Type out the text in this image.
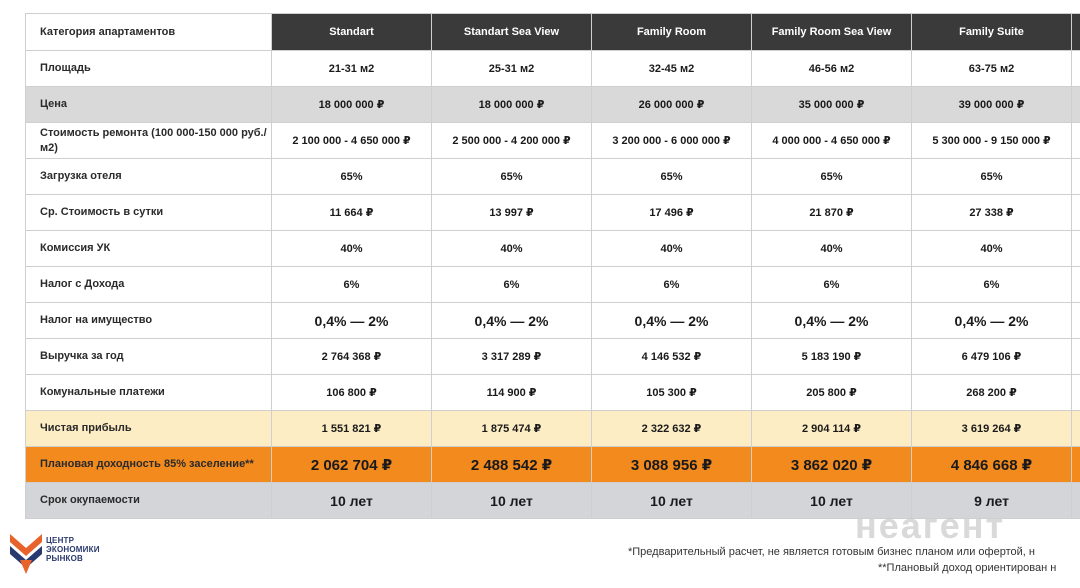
Категория апартаментов	Standart	Standart Sea View	Family Room	Family Room Sea View	Family Suite	
Площадь	21-31 м2	25-31 м2	32-45 м2	46-56 м2	63-75 м2	
Цена	18 000 000 ₽	18 000 000 ₽	26 000 000 ₽	35 000 000 ₽	39 000 000 ₽	
Стоимость ремонта (100 000-150 000 руб./м2)	2 100 000 - 4 650 000 ₽	2 500 000 - 4 200 000 ₽	3 200 000 - 6 000 000 ₽	4 000 000 - 4 650 000 ₽	5 300 000 - 9 150 000 ₽	
Загрузка отеля	65%	65%	65%	65%	65%	
Ср. Стоимость в сутки	11 664 ₽	13 997 ₽	17 496 ₽	21 870 ₽	27 338 ₽	
Комиссия УК	40%	40%	40%	40%	40%	
Налог с Дохода	6%	6%	6%	6%	6%	
Налог на имущество	0,4% — 2%	0,4% — 2%	0,4% — 2%	0,4% — 2%	0,4% — 2%	
Выручка за год	2 764 368 ₽	3 317 289 ₽	4 146 532 ₽	5 183 190 ₽	6 479 106 ₽	
Комунальные платежи	106 800 ₽	114 900 ₽	105 300 ₽	205 800 ₽	268 200 ₽	
Чистая прибыль	1 551 821 ₽	1 875 474 ₽	2 322 632 ₽	2 904 114 ₽	3 619 264 ₽	
Плановая доходность 85% заселение**	2 062 704 ₽	2 488 542 ₽	3 088 956 ₽	3 862 020 ₽	4 846 668 ₽	
Срок окупаемости	10 лет	10 лет	10 лет	10 лет	9 лет	
ЦЕНТР
ЭКОНОМИКИ
РЫНКОВ
неагент
*Предварительный расчет, не является готовым бизнес планом или офертой, н
**Плановый доход ориентирован н
